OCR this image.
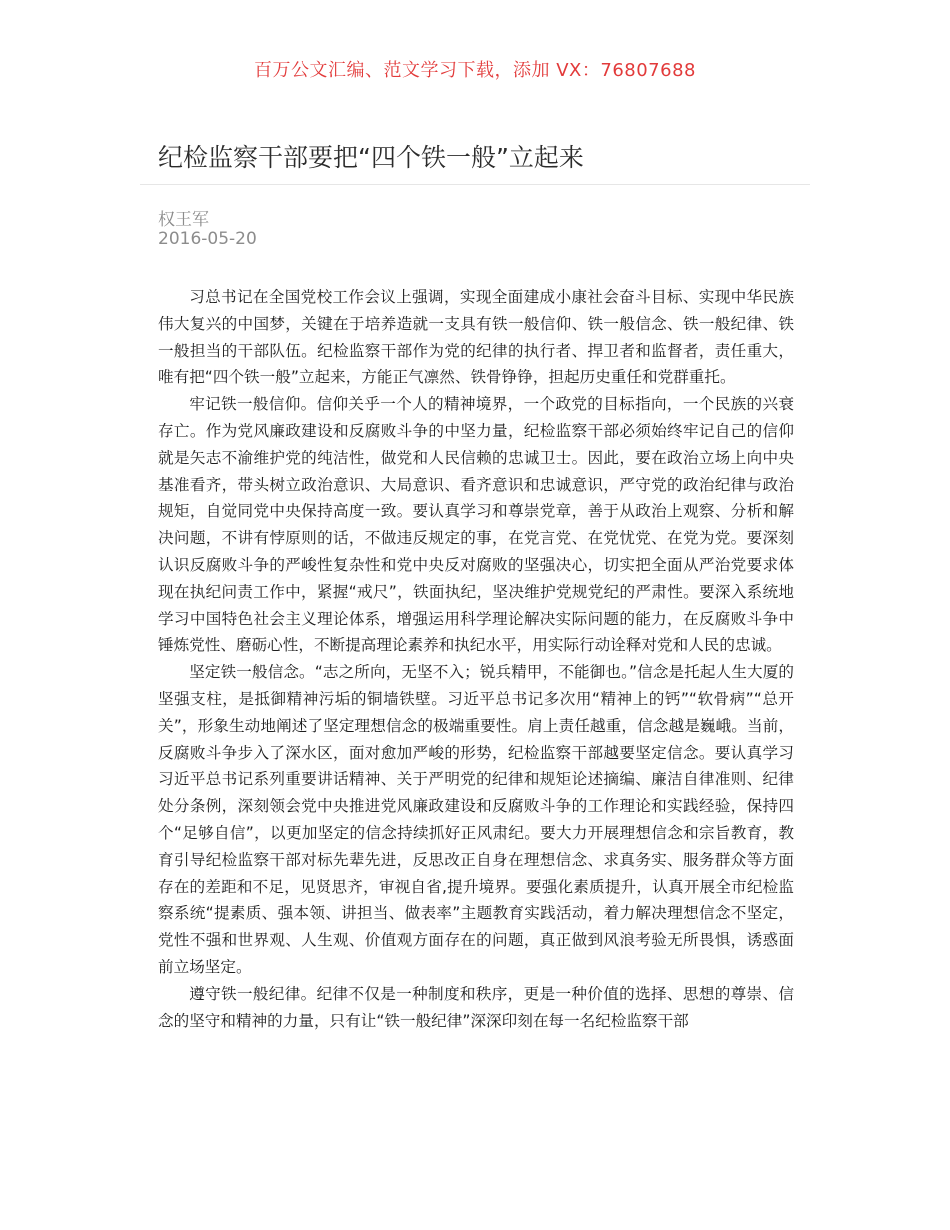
百万公文汇编、范文学习下载，添加 VX：76807688
纪检监察干部要把“四个铁一般”立起来
权王军
2016-05-20

习总书记在全国党校工作会议上强调，实现全面建成小康社会奋斗目标、实现中华民族伟大复兴的中国梦，关键在于培养造就一支具有铁一般信仰、铁一般信念、铁一般纪律、铁一般担当的干部队伍。纪检监察干部作为党的纪律的执行者、捍卫者和监督者，责任重大，唯有把“四个铁一般”立起来，方能正气凛然、铁骨铮铮，担起历史重任和党群重托。

牢记铁一般信仰。信仰关乎一个人的精神境界，一个政党的目标指向，一个民族的兴衰存亡。作为党风廉政建设和反腐败斗争的中坚力量，纪检监察干部必须始终牢记自己的信仰就是矢志不渝维护党的纯洁性，做党和人民信赖的忠诚卫士。因此，要在政治立场上向中央基准看齐，带头树立政治意识、大局意识、看齐意识和忠诚意识，严守党的政治纪律与政治规矩，自觉同党中央保持高度一致。要认真学习和尊崇党章，善于从政治上观察、分析和解决问题，不讲有悖原则的话，不做违反规定的事，在党言党、在党忧党、在党为党。要深刻认识反腐败斗争的严峻性复杂性和党中央反对腐败的坚强决心，切实把全面从严治党要求体现在执纪问责工作中，紧握“戒尺”，铁面执纪，坚决维护党规党纪的严肃性。要深入系统地学习中国特色社会主义理论体系，增强运用科学理论解决实际问题的能力，在反腐败斗争中锤炼党性、磨砺心性，不断提高理论素养和执纪水平，用实际行动诠释对党和人民的忠诚。

坚定铁一般信念。“志之所向，无坚不入；锐兵精甲，不能御也。”信念是托起人生大厦的坚强支柱，是抵御精神污垢的铜墙铁壁。习近平总书记多次用“精神上的钙”“软骨病”“总开关”，形象生动地阐述了坚定理想信念的极端重要性。肩上责任越重，信念越是巍峨。当前，反腐败斗争步入了深水区，面对愈加严峻的形势，纪检监察干部越要坚定信念。要认真学习习近平总书记系列重要讲话精神、关于严明党的纪律和规矩论述摘编、廉洁自律准则、纪律处分条例，深刻领会党中央推进党风廉政建设和反腐败斗争的工作理论和实践经验，保持四个“足够自信”，以更加坚定的信念持续抓好正风肃纪。要大力开展理想信念和宗旨教育，教育引导纪检监察干部对标先辈先进，反思改正自身在理想信念、求真务实、服务群众等方面存在的差距和不足，见贤思齐，审视自省,提升境界。要强化素质提升，认真开展全市纪检监察系统“提素质、强本领、讲担当、做表率”主题教育实践活动，着力解决理想信念不坚定，党性不强和世界观、人生观、价值观方面存在的问题，真正做到风浪考验无所畏惧，诱惑面前立场坚定。

遵守铁一般纪律。纪律不仅是一种制度和秩序，更是一种价值的选择、思想的尊崇、信念的坚守和精神的力量，只有让“铁一般纪律”深深印刻在每一名纪检监察干部
